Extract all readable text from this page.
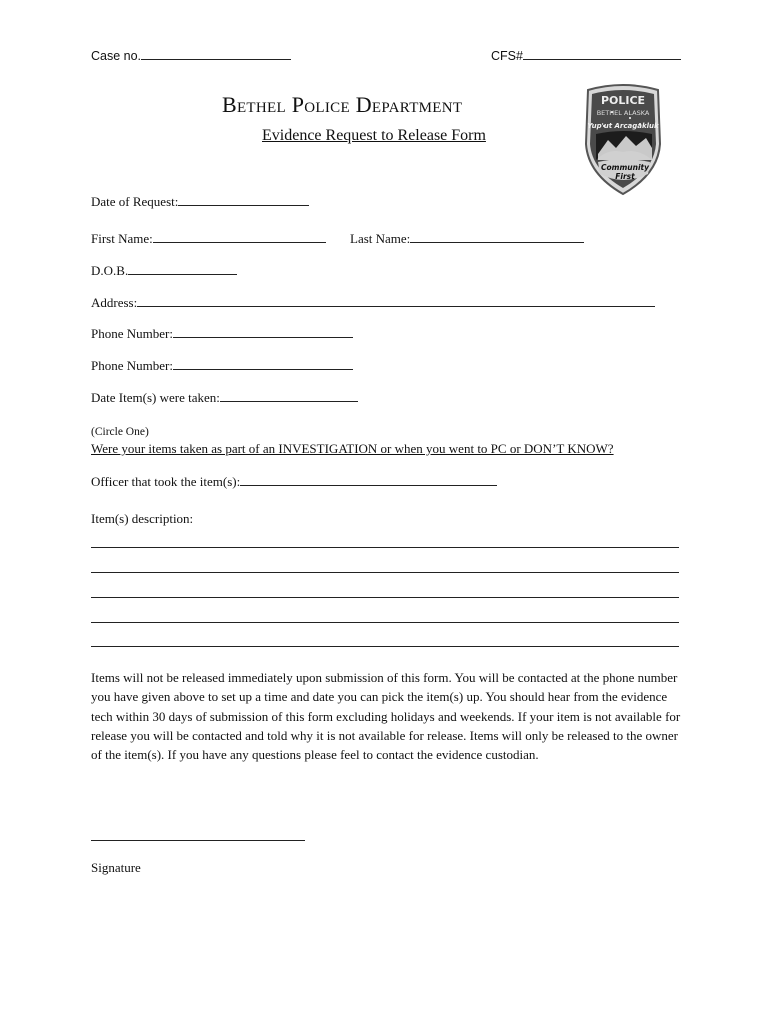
Case no.	CFS#
Bethel Police Department
Evidence Request to Release Form
POLICE
BETHEL ALASKA
Yup'ut Arcagakluk
Community
First
Date of Request:
First Name:	Last Name:
D.O.B.
Address:
Phone Number:
Phone Number:
Date Item(s) were taken:
(Circle One)
Were your items taken as part of an INVESTIGATION or when you went to PC or DON’T KNOW?
Officer that took the item(s):
Item(s) description:
Items will not be released immediately upon submission of this form. You will be contacted at the phone number you have given above to set up a time and date you can pick the item(s) up. You should hear from the evidence tech within 30 days of submission of this form excluding holidays and weekends. If your item is not available for release you will be contacted and told why it is not available for release. Items will only be released to the owner of the item(s). If you have any questions please feel to contact the evidence custodian.
Signature
